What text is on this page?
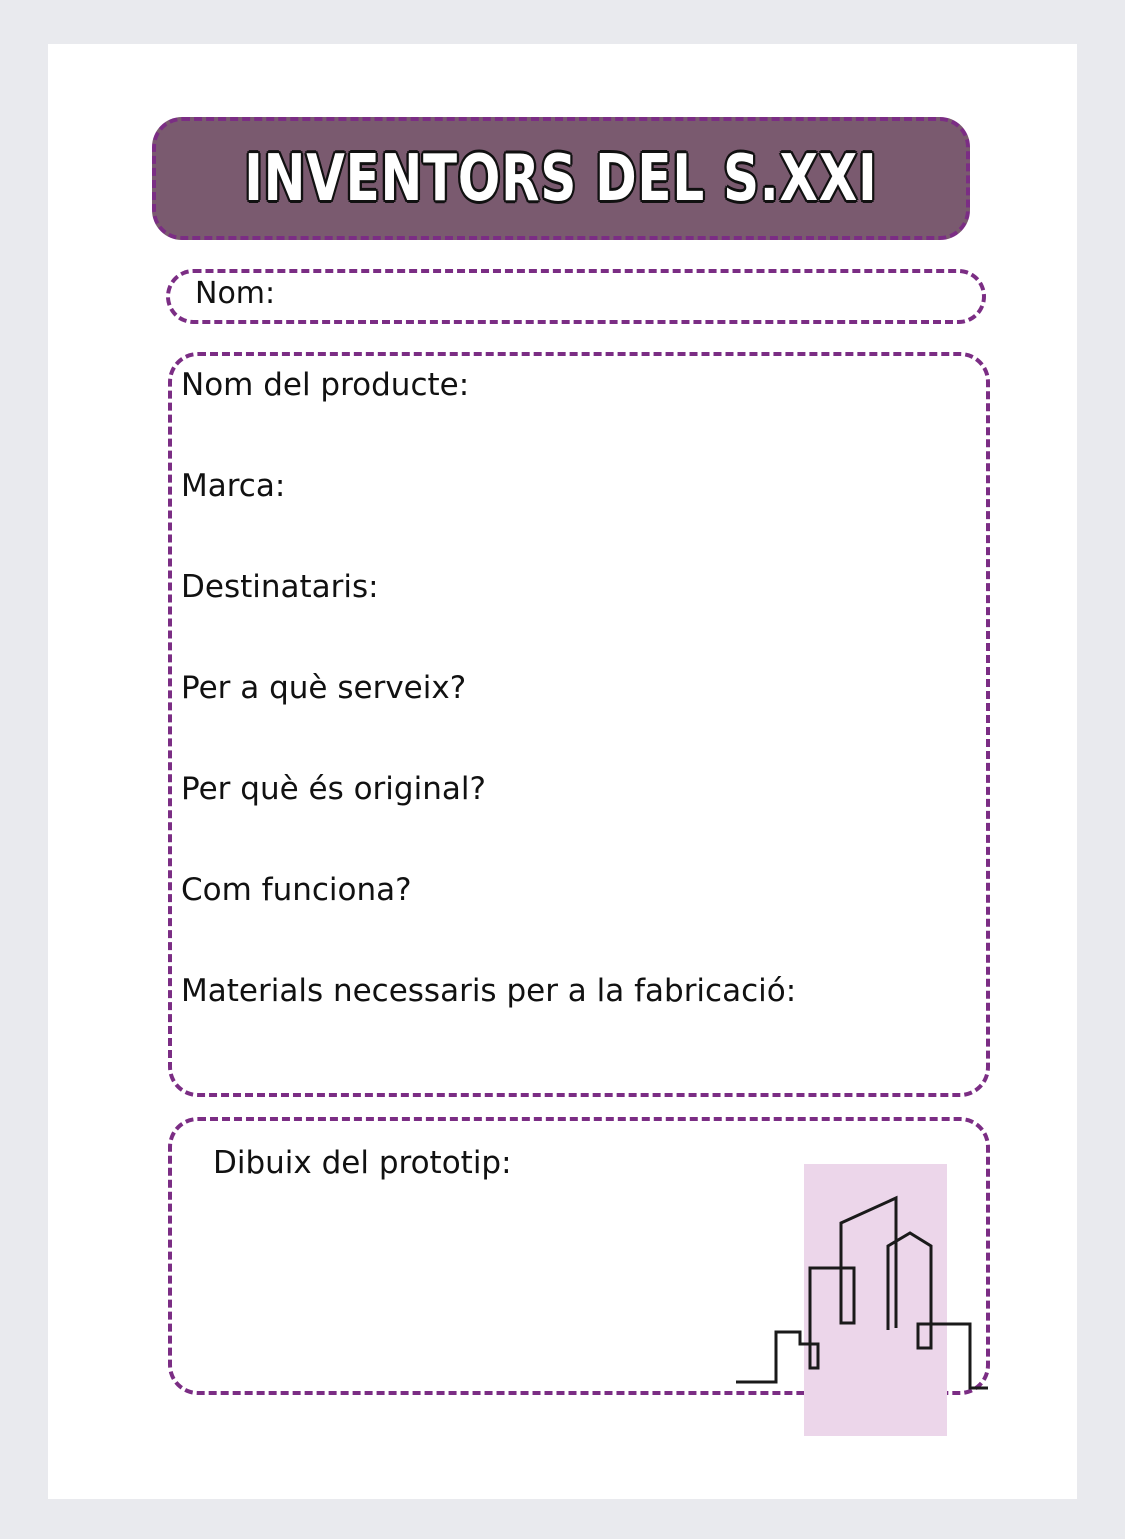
INVENTORS DEL S.XXI
Nom:
Nom del producte:
Marca:
Destinataris:
Per a què serveix?
Per què és original?
Com funciona?
Materials necessaris per a la fabricació:
Dibuix del prototip:
